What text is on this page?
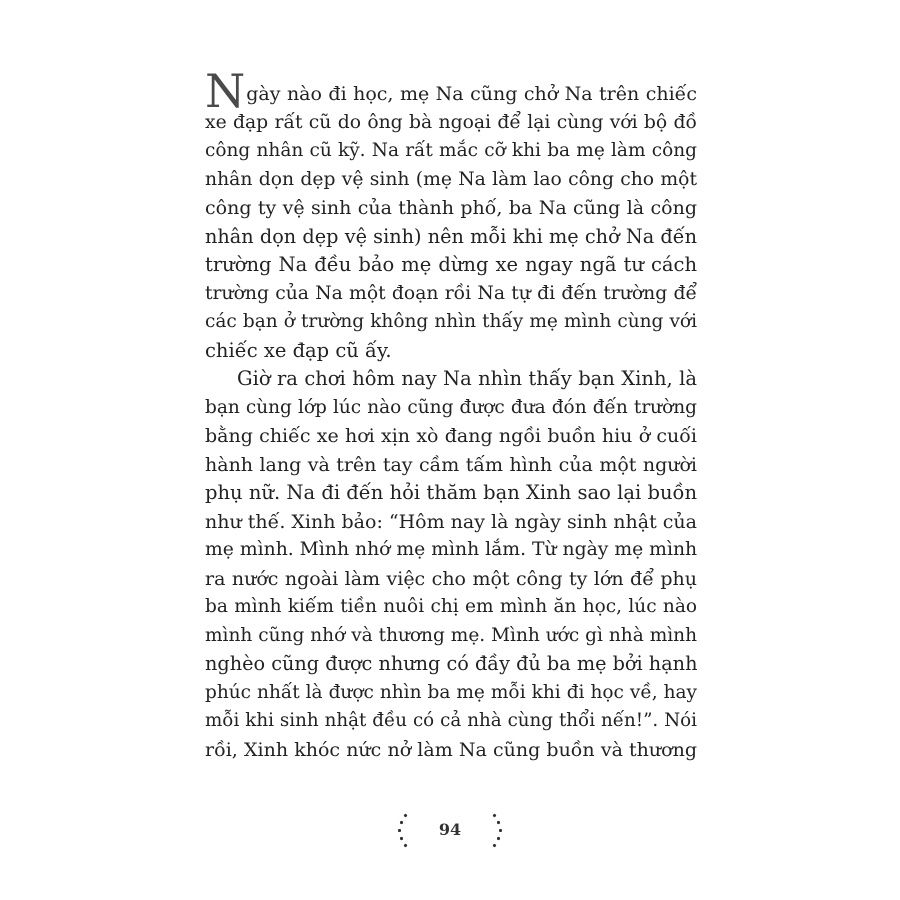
N gày nào đi học, mẹ Na cũng chở Na trên chiếc
xe đạp rất cũ do ông bà ngoại để lại cùng với bộ đồ
công nhân cũ kỹ. Na rất mắc cỡ khi ba mẹ làm công
nhân dọn dẹp vệ sinh (mẹ Na làm lao công cho một
công ty vệ sinh của thành phố, ba Na cũng là công
nhân dọn dẹp vệ sinh) nên mỗi khi mẹ chở Na đến
trường Na đều bảo mẹ dừng xe ngay ngã tư cách
trường của Na một đoạn rồi Na tự đi đến trường để
các bạn ở trường không nhìn thấy mẹ mình cùng với
chiếc xe đạp cũ ấy.
Giờ ra chơi hôm nay Na nhìn thấy bạn Xinh, là
bạn cùng lớp lúc nào cũng được đưa đón đến trường
bằng chiếc xe hơi xịn xò đang ngồi buồn hiu ở cuối
hành lang và trên tay cầm tấm hình của một người
phụ nữ. Na đi đến hỏi thăm bạn Xinh sao lại buồn
như thế. Xinh bảo: “Hôm nay là ngày sinh nhật của
mẹ mình. Mình nhớ mẹ mình lắm. Từ ngày mẹ mình
ra nước ngoài làm việc cho một công ty lớn để phụ
ba mình kiếm tiền nuôi chị em mình ăn học, lúc nào
mình cũng nhớ và thương mẹ. Mình ước gì nhà mình
nghèo cũng được nhưng có đầy đủ ba mẹ bởi hạnh
phúc nhất là được nhìn ba mẹ mỗi khi đi học về, hay
mỗi khi sinh nhật đều có cả nhà cùng thổi nến!”. Nói
rồi, Xinh khóc nức nở làm Na cũng buồn và thương
94
